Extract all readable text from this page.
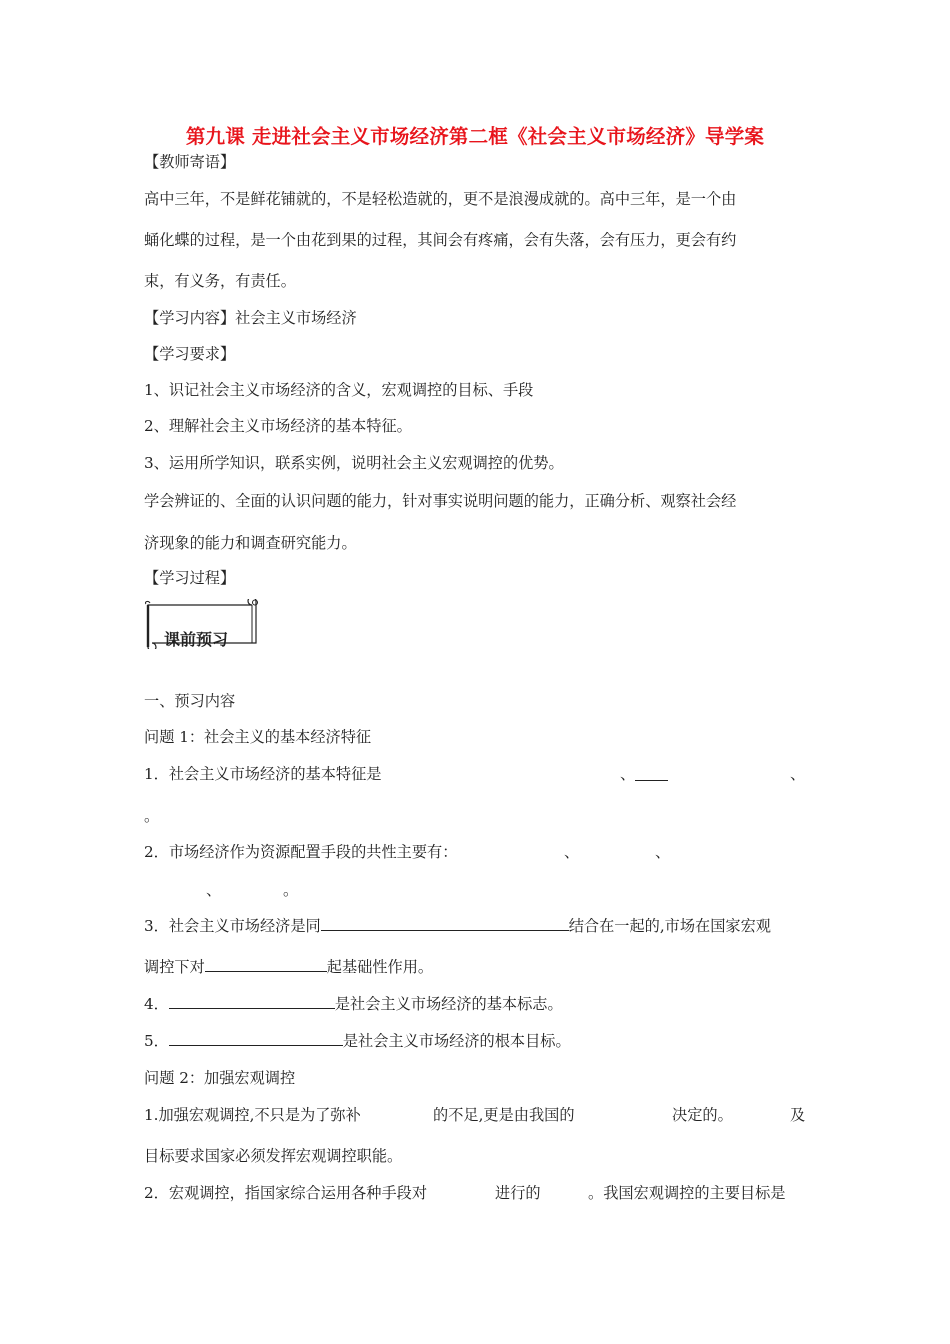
第九课 走进社会主义市场经济第二框《社会主义市场经济》导学案
【教师寄语】
高中三年，不是鲜花铺就的，不是轻松造就的，更不是浪漫成就的。高中三年，是一个由
蛹化蝶的过程，是一个由花到果的过程，其间会有疼痛，会有失落，会有压力，更会有约
束，有义务，有责任。
【学习内容】社会主义市场经济
【学习要求】
1、识记社会主义市场经济的含义，宏观调控的目标、手段
2、理解社会主义市场经济的基本特征。
3、运用所学知识，联系实例，说明社会主义宏观调控的优势。
学会辨证的、全面的认识问题的能力，针对事实说明问题的能力，正确分析、观察社会经
济现象的能力和调查研究能力。
【学习过程】
课前预习
一、预习内容
问题 1：社会主义的基本经济特征
1．社会主义市场经济的基本特征是	、	、
。
2．市场经济作为资源配置手段的共性主要有：	、	、
、	。
3．社会主义市场经济是同	结合在一起的,市场在国家宏观
调控下对	起基础性作用。
4．	是社会主义市场经济的基本标志。
5．	是社会主义市场经济的根本目标。
问题 2：加强宏观调控
1.加强宏观调控,不只是为了弥补	的不足,更是由我国的	决定的。	及
目标要求国家必须发挥宏观调控职能。
2．宏观调控，指国家综合运用各种手段对	进行的	。我国宏观调控的主要目标是
